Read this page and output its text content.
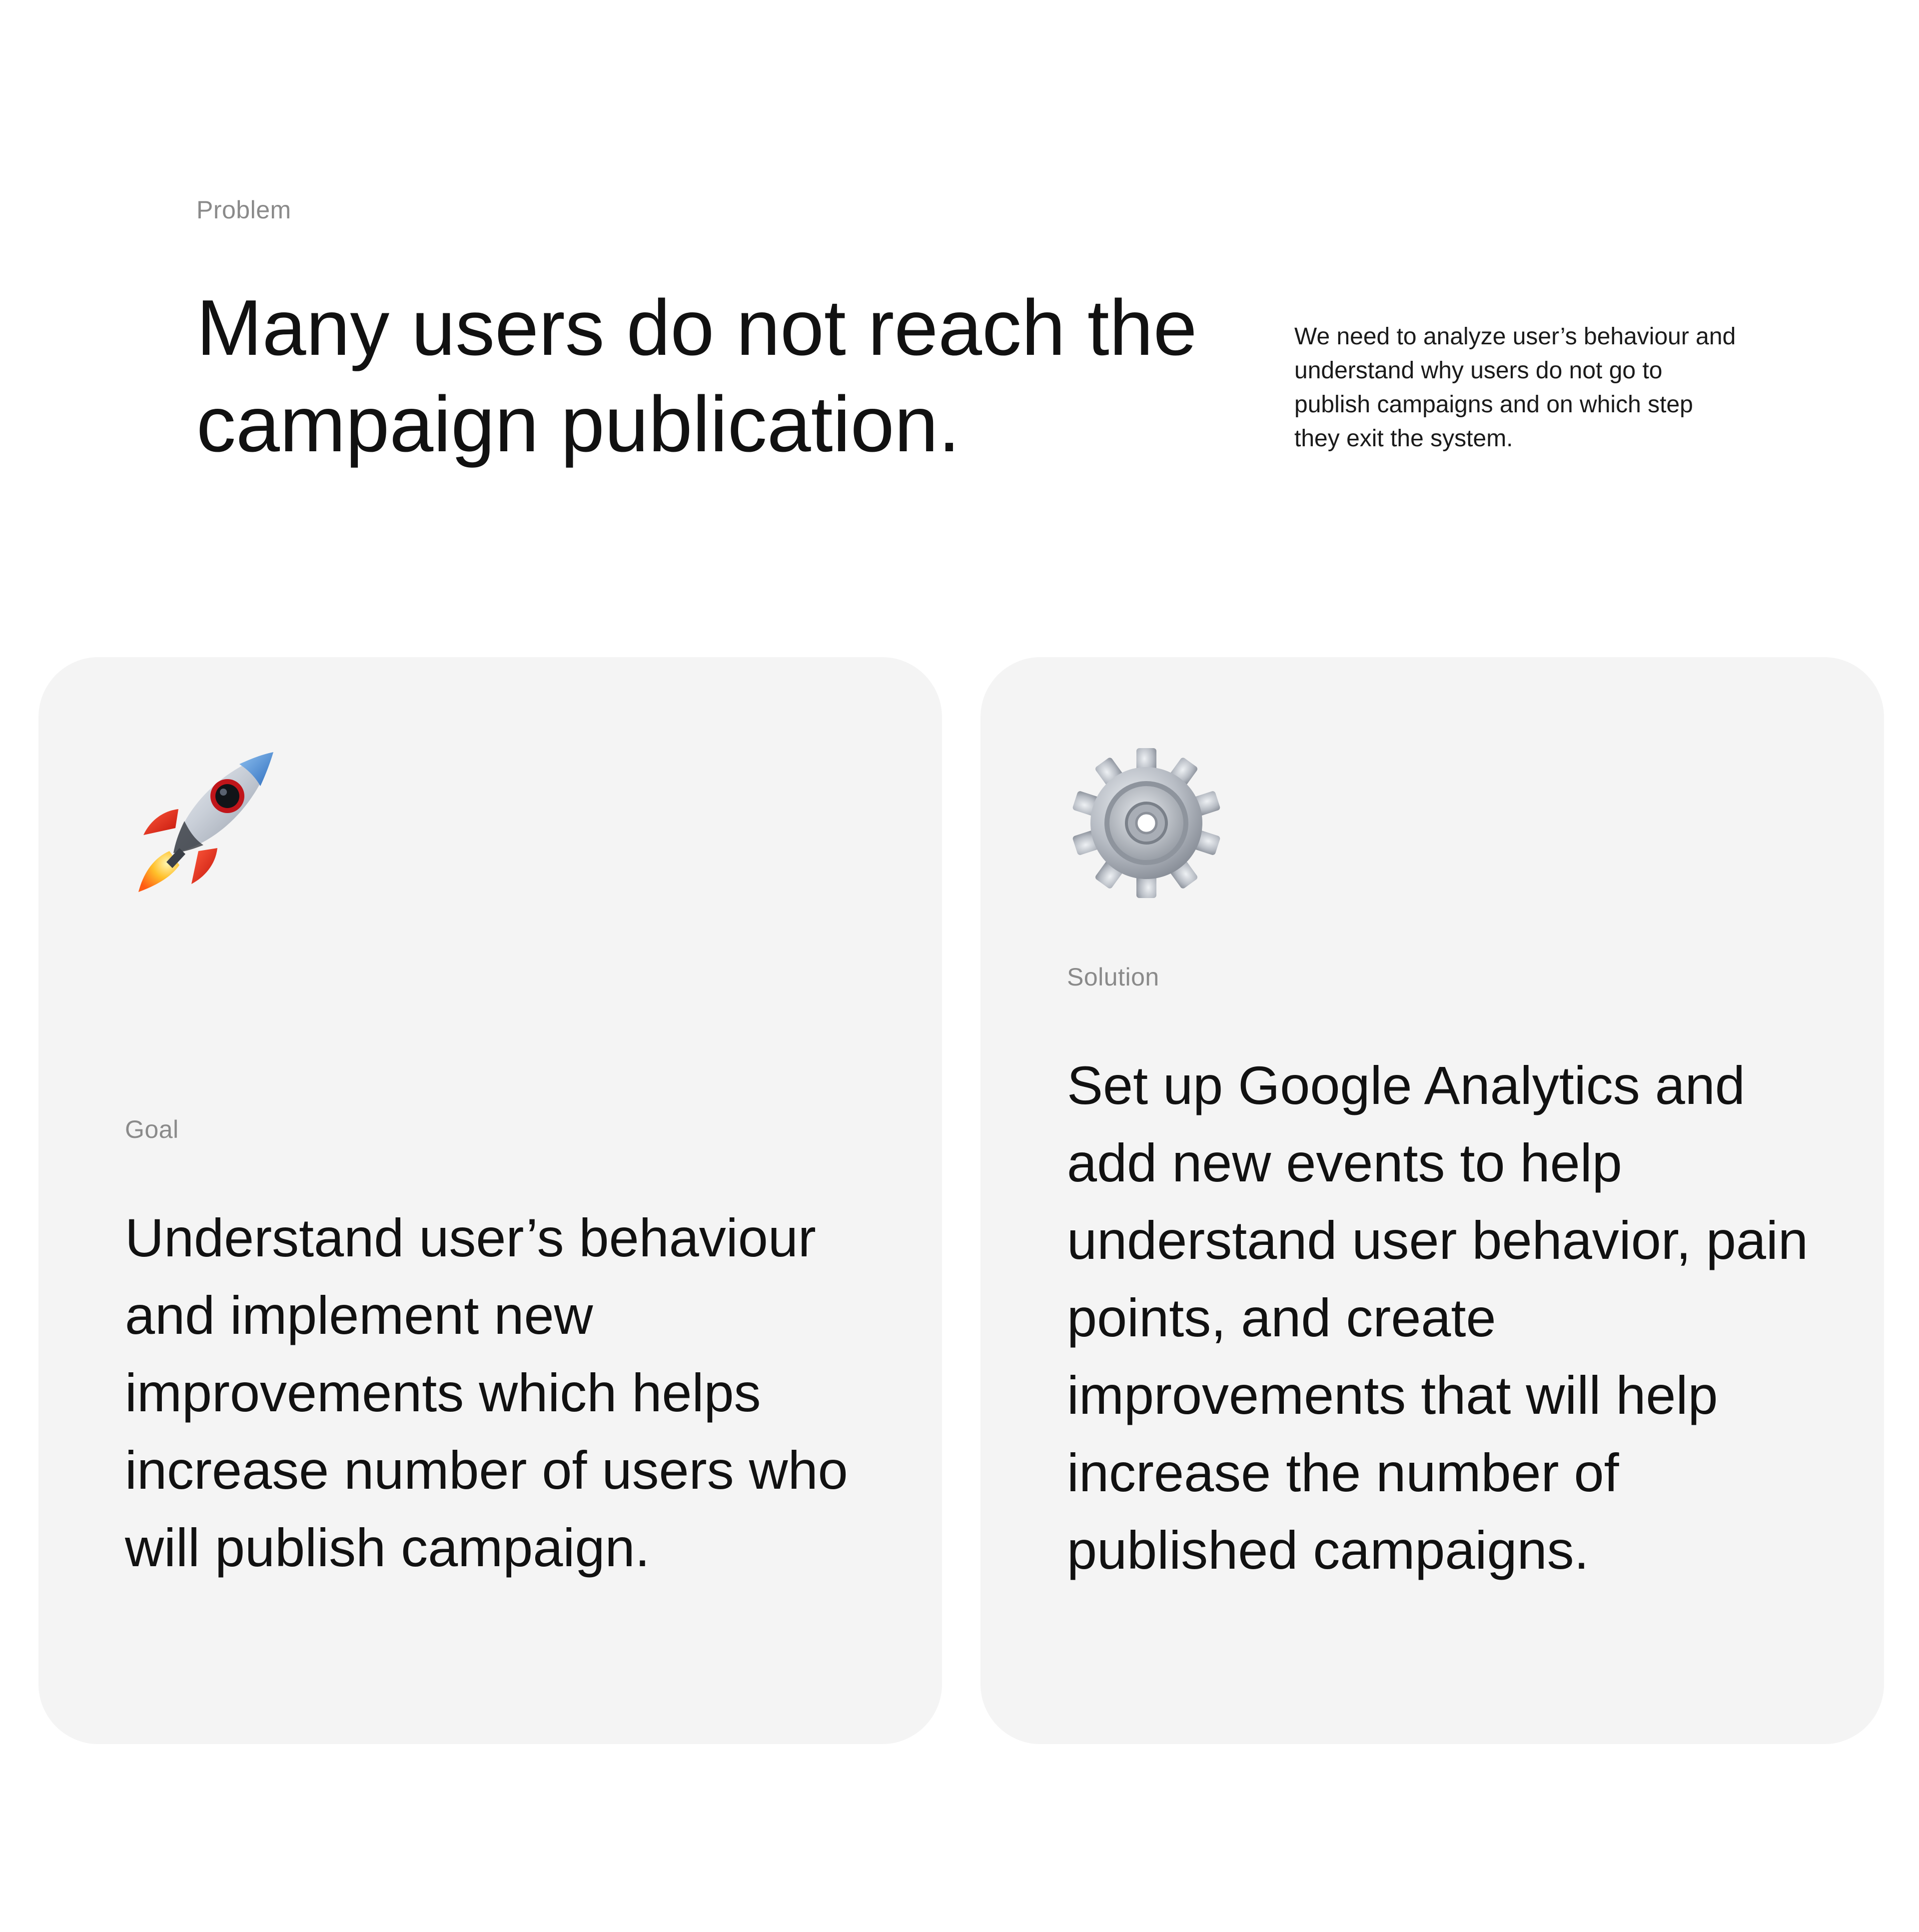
Problem
Many users do not reach the campaign publication.

We need to analyze user’s behaviour and understand why users do not go to publish campaigns and on which step they exit the system.

Goal

Understand user’s behaviour and implement new improvements which helps increase number of users who will publish campaign.

Solution

Set up Google Analytics and add new events to help understand user behavior, pain points, and create improvements that will help increase the number of published campaigns.
